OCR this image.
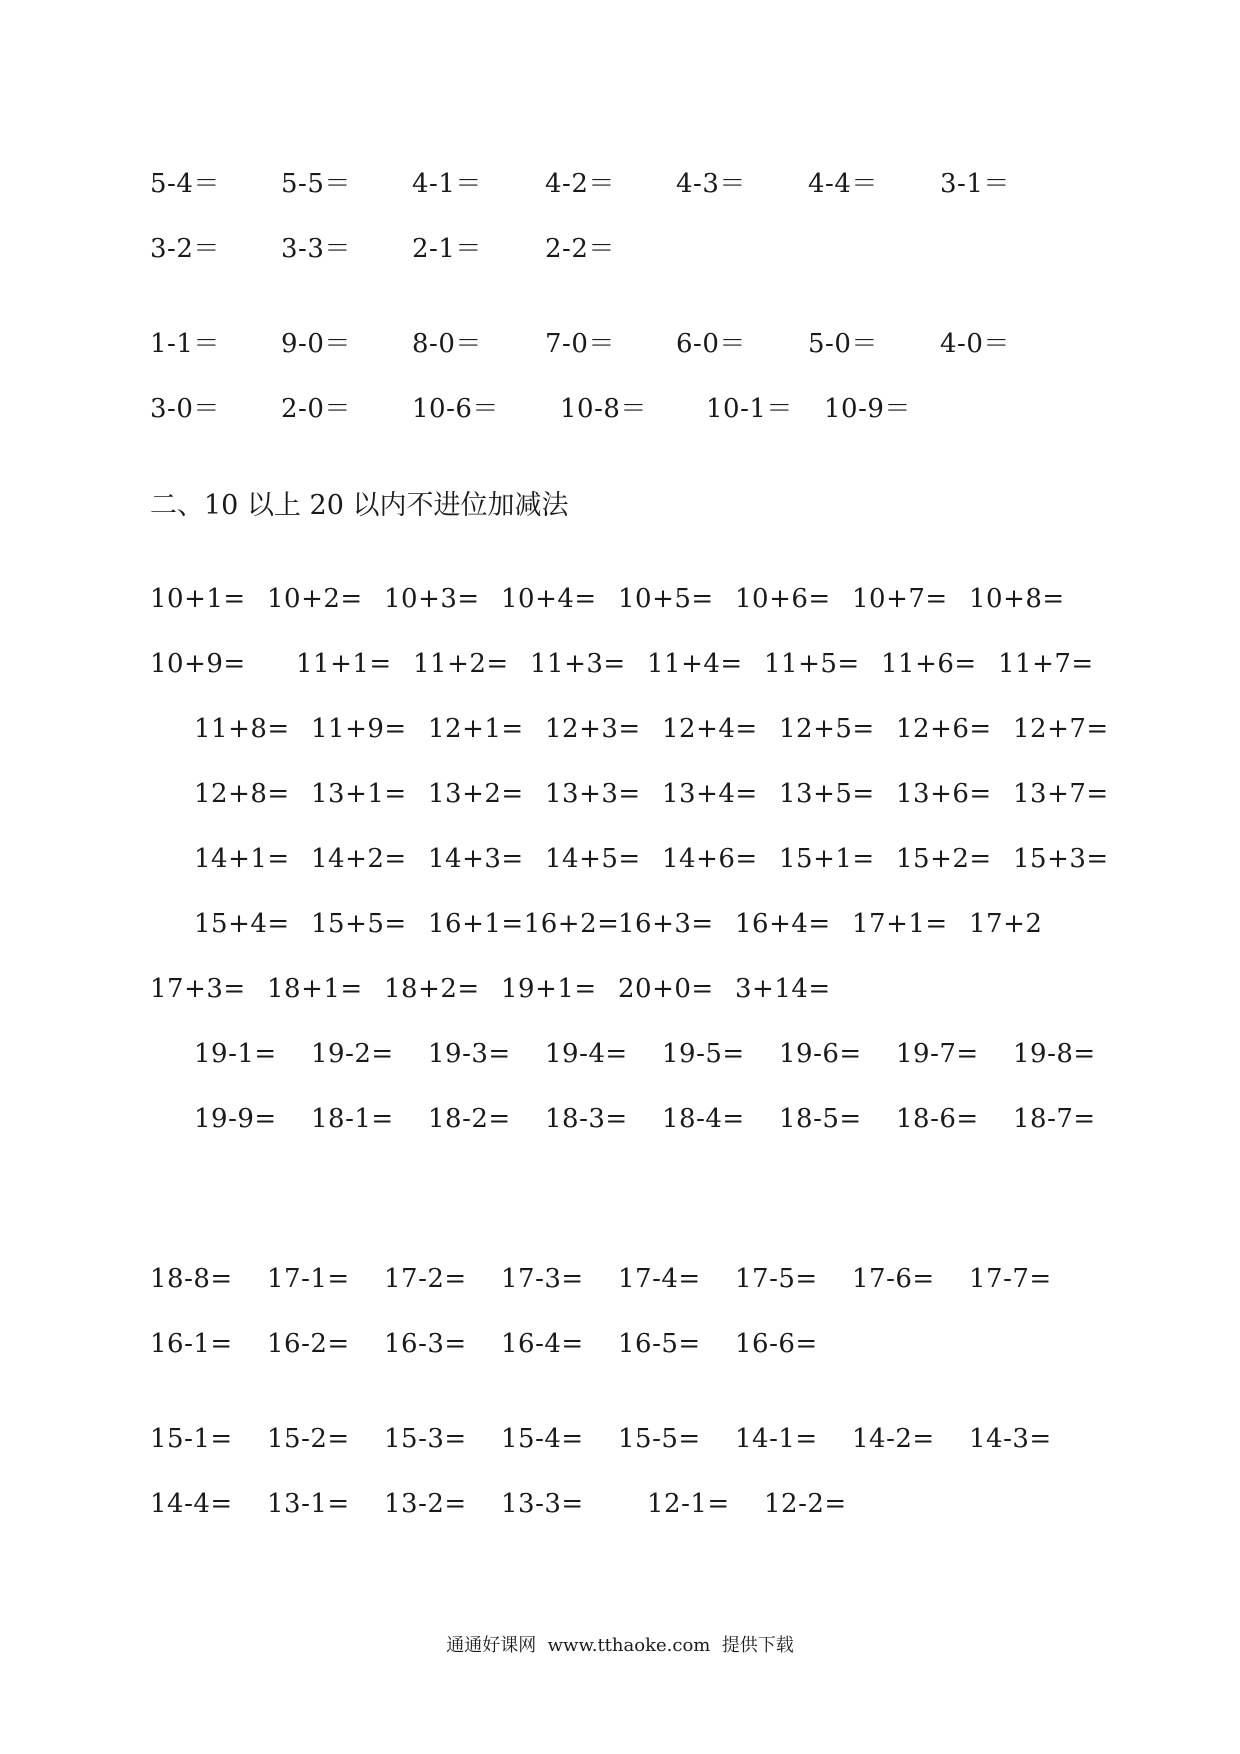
5-4＝ 5-5＝ 4-1＝ 4-2＝ 4-3＝ 4-4＝ 3-1＝
3-2＝ 3-3＝ 2-1＝ 2-2＝
1-1＝ 9-0＝ 8-0＝ 7-0＝ 6-0＝ 5-0＝ 4-0＝
3-0＝ 2-0＝ 10-6＝ 10-8＝ 10-1＝ 10-9＝
二、10 以上 20 以内不进位加减法
10+1= 10+2= 10+3= 10+4= 10+5= 10+6= 10+7= 10+8=
10+9= 11+1= 11+2= 11+3= 11+4= 11+5= 11+6= 11+7=
11+8= 11+9= 12+1= 12+3= 12+4= 12+5= 12+6= 12+7=
12+8= 13+1= 13+2= 13+3= 13+4= 13+5= 13+6= 13+7=
14+1= 14+2= 14+3= 14+5= 14+6= 15+1= 15+2= 15+3=
15+4= 15+5= 16+1=16+2=
16+3= 16+4= 17+1= 17+2
17+3= 18+1= 18+2= 19+1= 20+0= 3+14=
19-1= 19-2= 19-3= 19-4= 19-5= 19-6= 19-7= 19-8=
19-9= 18-1= 18-2= 18-3= 18-4= 18-5= 18-6= 18-7=
18-8= 17-1= 17-2= 17-3= 17-4= 17-5= 17-6= 17-7=
16-1= 16-2= 16-3= 16-4= 16-5= 16-6=
15-1= 15-2= 15-3= 15-4= 15-5= 14-1= 14-2= 14-3=
14-4= 13-1= 13-2= 13-3= 12-1= 12-2=
通通好课网  www.tthaoke.com  提供下载
